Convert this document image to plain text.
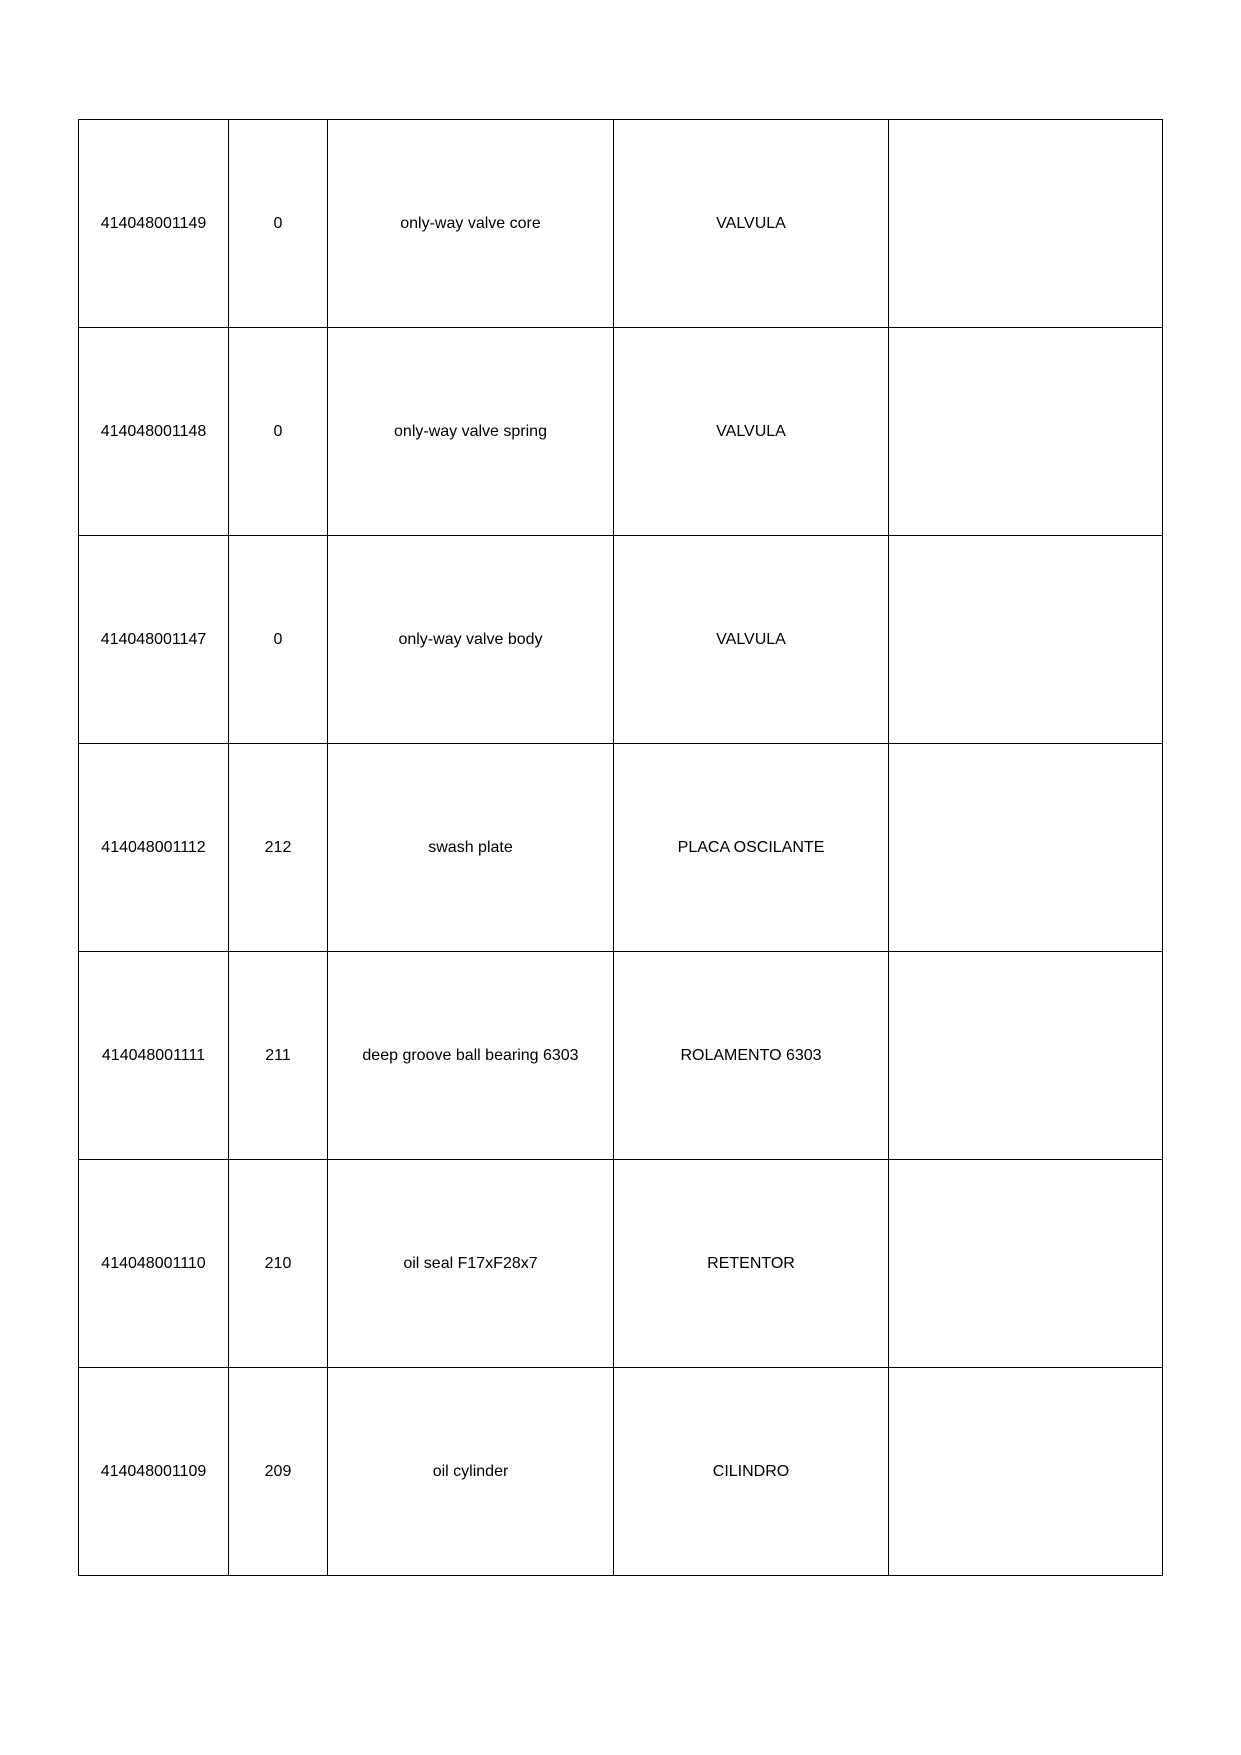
414048001149	0	only-way valve core	VALVULA	
414048001148	0	only-way valve spring	VALVULA	
414048001147	0	only-way valve body	VALVULA	
414048001112	212	swash plate	PLACA OSCILANTE	
414048001111	211	deep groove ball bearing 6303	ROLAMENTO 6303	
414048001110	210	oil seal F17xF28x7	RETENTOR	
414048001109	209	oil cylinder	CILINDRO	
